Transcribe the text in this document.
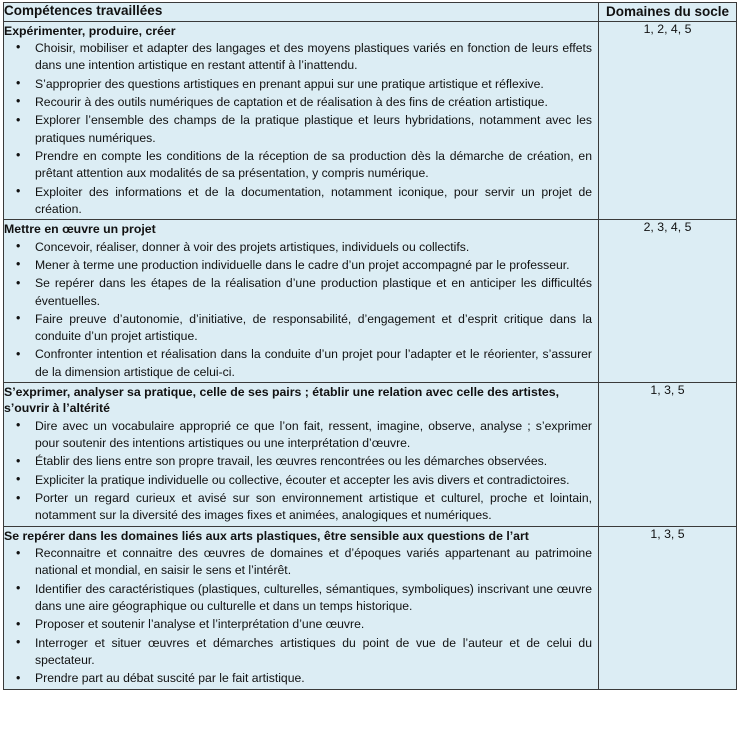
Compétences travaillées	Domaines du socle

Expérimenter, produire, créer
• Choisir, mobiliser et adapter des langages et des moyens plastiques variés en fonction de leurs effets dans une intention artistique en restant attentif à l’inattendu.
• S’approprier des questions artistiques en prenant appui sur une pratique artistique et réflexive.
• Recourir à des outils numériques de captation et de réalisation à des fins de création artistique.
• Explorer l’ensemble des champs de la pratique plastique et leurs hybridations, notamment avec les pratiques numériques.
• Prendre en compte les conditions de la réception de sa production dès la démarche de création, en prêtant attention aux modalités de sa présentation, y compris numérique.
• Exploiter des informations et de la documentation, notamment iconique, pour servir un projet de création.
	1, 2, 4, 5

Mettre en œuvre un projet
• Concevoir, réaliser, donner à voir des projets artistiques, individuels ou collectifs.
• Mener à terme une production individuelle dans le cadre d’un projet accompagné par le professeur.
• Se repérer dans les étapes de la réalisation d’une production plastique et en anticiper les difficultés éventuelles.
• Faire preuve d’autonomie, d’initiative, de responsabilité, d’engagement et d’esprit critique dans la conduite d’un projet artistique.
• Confronter intention et réalisation dans la conduite d’un projet pour l’adapter et le réorienter, s’assurer de la dimension artistique de celui-ci.
	2, 3, 4, 5

S’exprimer, analyser sa pratique, celle de ses pairs ; établir une relation avec celle des artistes, s’ouvrir à l’altérité
• Dire avec un vocabulaire approprié ce que l’on fait, ressent, imagine, observe, analyse ; s’exprimer pour soutenir des intentions artistiques ou une interprétation d’œuvre.
• Établir des liens entre son propre travail, les œuvres rencontrées ou les démarches observées.
• Expliciter la pratique individuelle ou collective, écouter et accepter les avis divers et contradictoires.
• Porter un regard curieux et avisé sur son environnement artistique et culturel, proche et lointain, notamment sur la diversité des images fixes et animées, analogiques et numériques.
	1, 3, 5

Se repérer dans les domaines liés aux arts plastiques, être sensible aux questions de l’art
• Reconnaitre et connaitre des œuvres de domaines et d’époques variés appartenant au patrimoine national et mondial, en saisir le sens et l’intérêt.
• Identifier des caractéristiques (plastiques, culturelles, sémantiques, symboliques) inscrivant une œuvre dans une aire géographique ou culturelle et dans un temps historique.
• Proposer et soutenir l’analyse et l’interprétation d’une œuvre.
• Interroger et situer œuvres et démarches artistiques du point de vue de l’auteur et de celui du spectateur.
• Prendre part au débat suscité par le fait artistique.
	1, 3, 5
